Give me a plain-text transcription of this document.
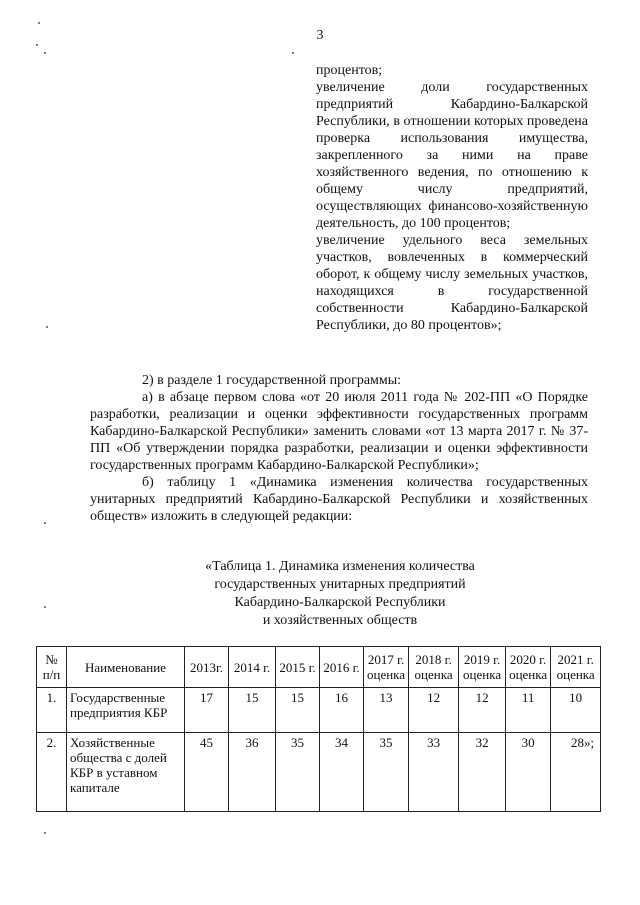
3

процентов;

увеличение доли государственных предприятий Кабардино-Балкарской Республики, в отношении которых проведена проверка использования имущества, закрепленного за ними на праве хозяйственного ведения, по отношению к общему числу предприятий, осуществляющих финансово-хозяйственную деятельность, до 100 процентов;

увеличение удельного веса земельных участков, вовлеченных в коммерческий оборот, к общему числу земельных участков, находящихся в государственной собственности Кабардино-Балкарской Республики, до 80 процентов»;

2) в разделе 1 государственной программы:

а) в абзаце первом слова «от 20 июля 2011 года № 202-ПП «О Порядке разработки, реализации и оценки эффективности государственных программ Кабардино-Балкарской Республики» заменить словами «от 13 марта 2017 г. № 37-ПП «Об утверждении порядка разработки, реализации и оценки эффективности государственных программ Кабардино-Балкарской Республики»;

б) таблицу 1 «Динамика изменения количества государственных унитарных предприятий Кабардино-Балкарской Республики и хозяйственных обществ» изложить в следующей редакции:

«Таблица 1. Динамика изменения количества
государственных унитарных предприятий
Кабардино-Балкарской Республики
и хозяйственных обществ
№ п/п	Наименование	2013г.	2014 г.	2015 г.	2016 г.	2017 г. оценка	2018 г. оценка	2019 г. оценка	2020 г. оценка	2021 г. оценка
1.	Государственные предприятия КБР	17	15	15	16	13	12	12	11	10
2.	Хозяйственные общества с долей КБР в уставном капитале	45	36	35	34	35	33	32	30	28»;
